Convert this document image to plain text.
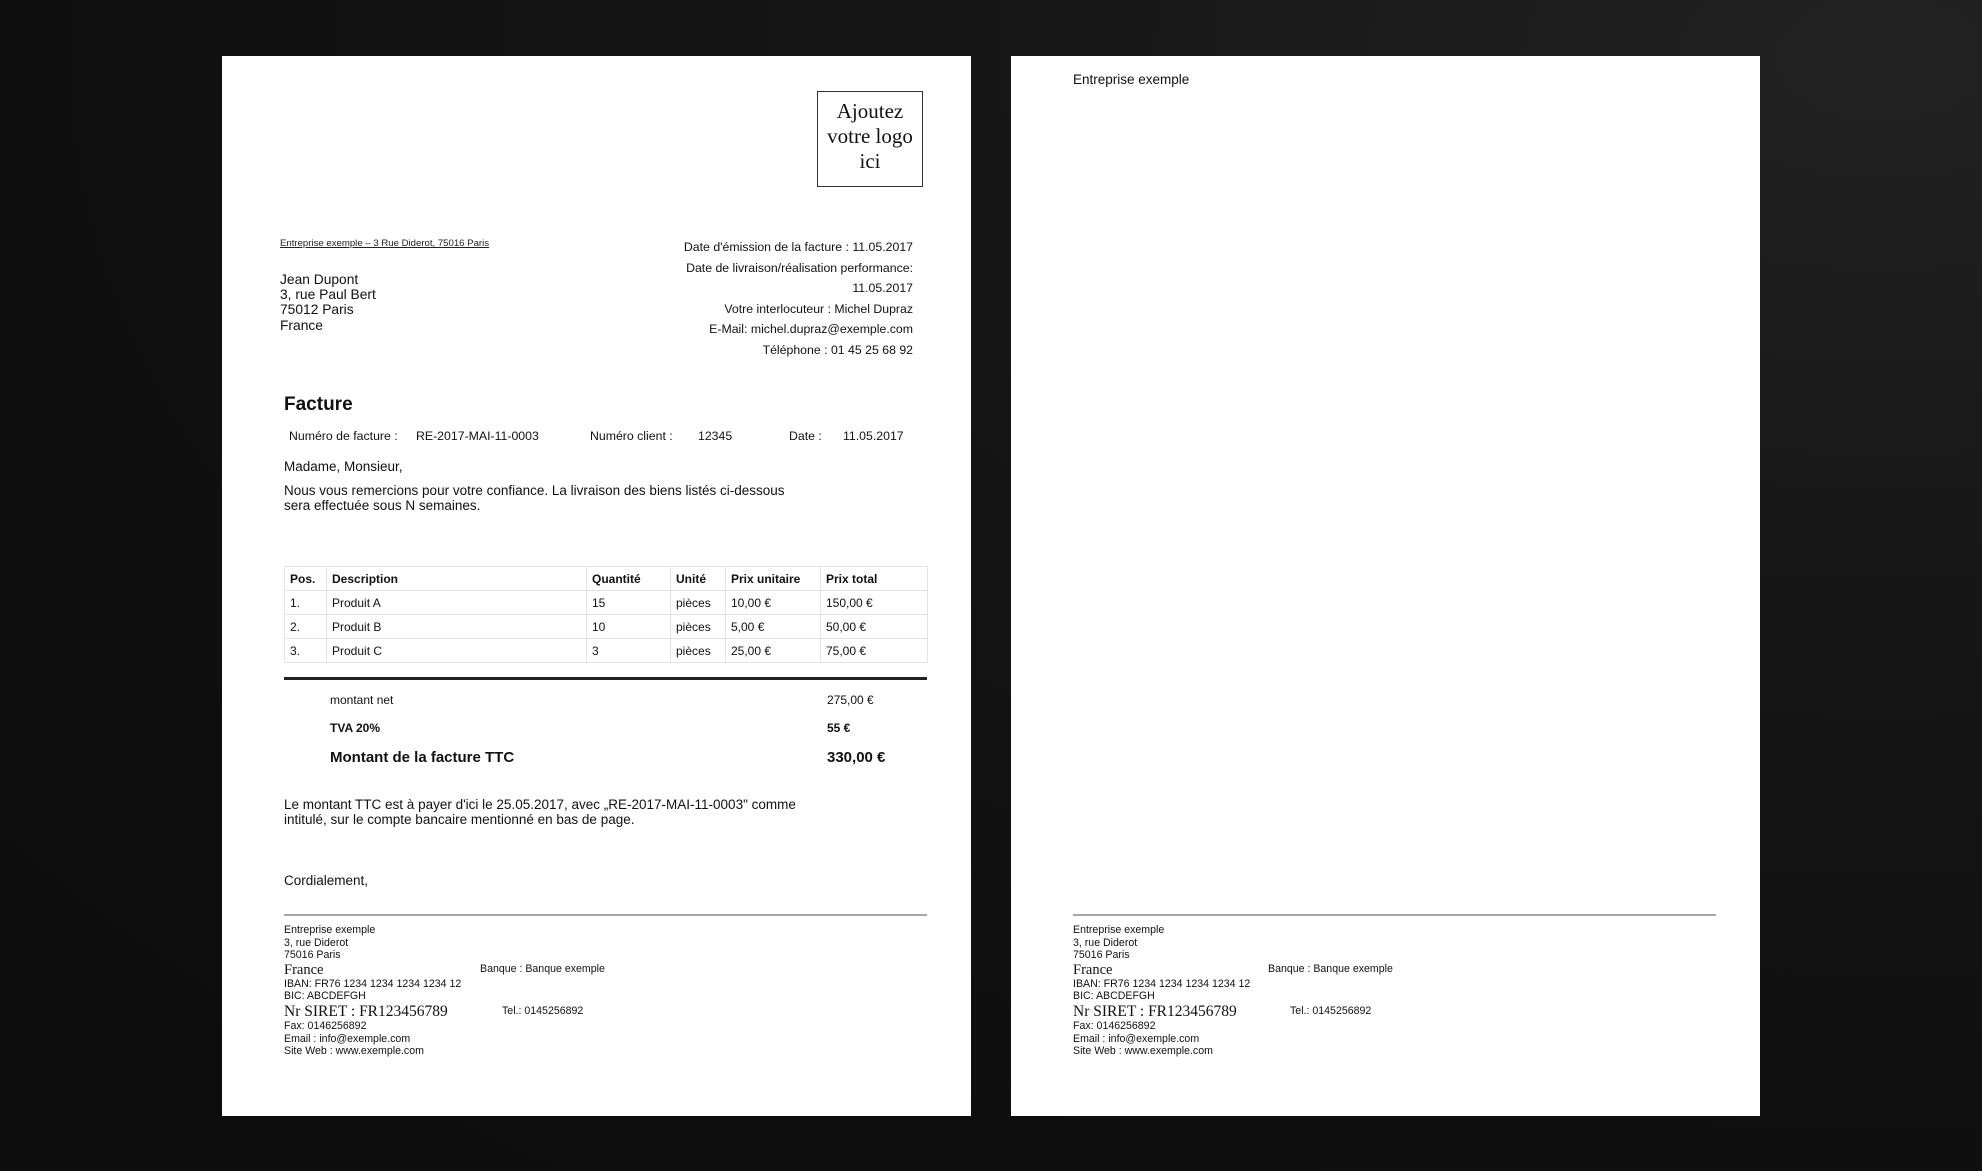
Ajoutez
votre logo
ici
Entreprise exemple – 3 Rue Diderot, 75016 Paris
Jean Dupont
3, rue Paul Bert
75012 Paris
France
Date d'émission de la facture : 11.05.2017
Date de livraison/réalisation performance:
11.05.2017
Votre interlocuteur : Michel Dupraz
E-Mail: michel.dupraz@exemple.com
Téléphone : 01 45 25 68 92
Facture
Numéro de facture : RE-2017-MAI-11-0003	Numéro client : 12345	Date : 11.05.2017
Madame, Monsieur,
Nous vous remercions pour votre confiance. La livraison des biens listés ci-dessous sera effectuée sous N semaines.
Pos.	Description	Quantité	Unité	Prix unitaire	Prix total
1.	Produit A	15	pièces	10,00 €	150,00 €
2.	Produit B	10	pièces	5,00 €	50,00 €
3.	Produit C	3	pièces	25,00 €	75,00 €
montant net	275,00 €
TVA 20%	55 €
Montant de la facture TTC	330,00 €
Le montant TTC est à payer d'ici le 25.05.2017, avec „RE-2017-MAI-11-0003" comme intitulé, sur le compte bancaire mentionné en bas de page.
Cordialement,
Entreprise exemple
3, rue Diderot
75016 Paris
France
IBAN: FR76 1234 1234 1234 1234 12
BIC: ABCDEFGH
Nr SIRET : FR123456789
Fax: 0146256892
Email : info@exemple.com
Site Web : www.exemple.com
Banque : Banque exemple
Tel.: 0145256892
Entreprise exemple
Entreprise exemple
3, rue Diderot
75016 Paris
France
IBAN: FR76 1234 1234 1234 1234 12
BIC: ABCDEFGH
Nr SIRET : FR123456789
Fax: 0146256892
Email : info@exemple.com
Site Web : www.exemple.com
Banque : Banque exemple
Tel.: 0145256892
